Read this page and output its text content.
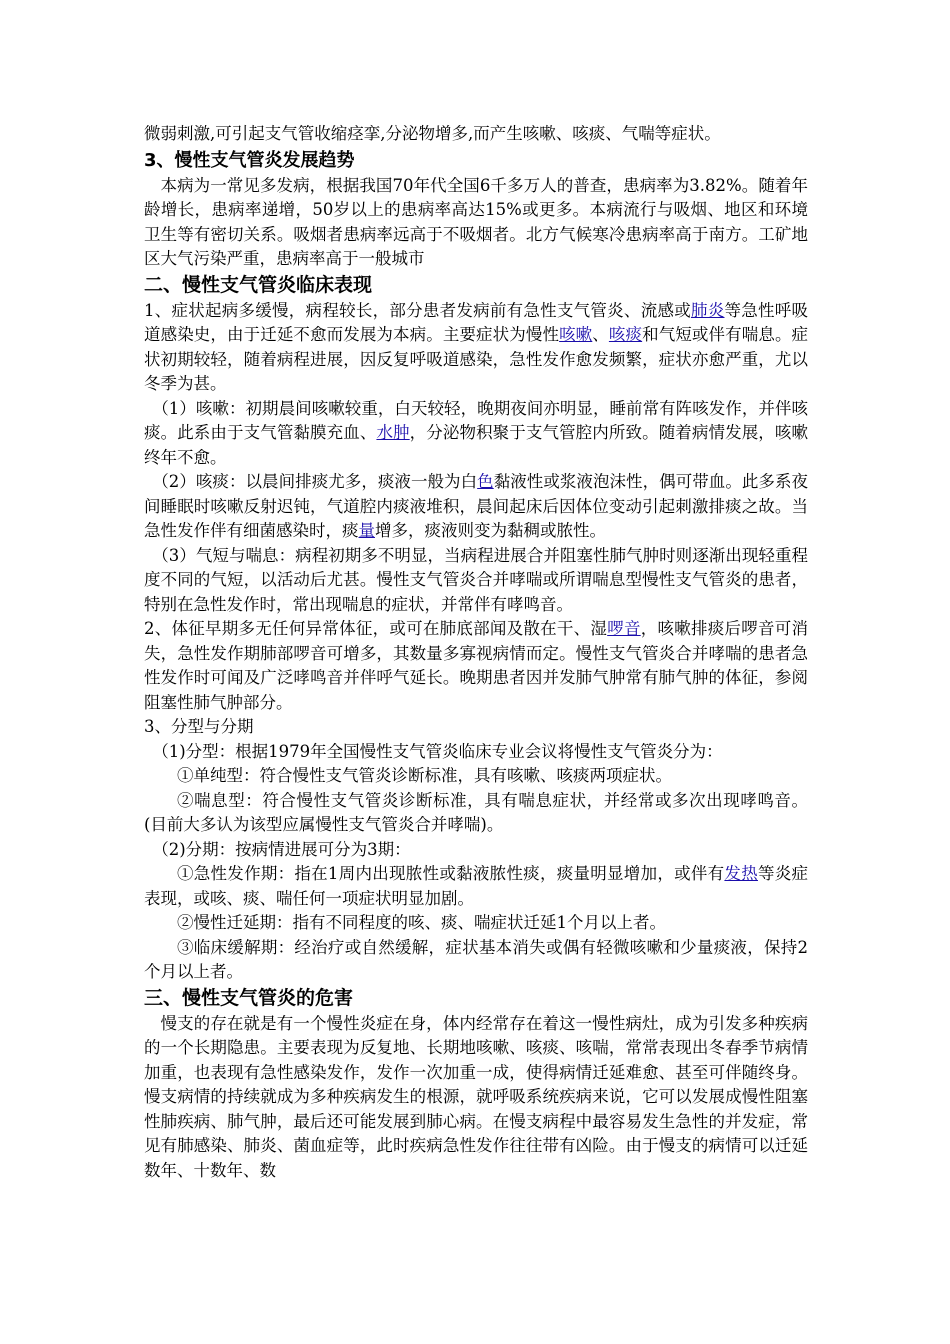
微弱刺激,可引起支气管收缩痉挛,分泌物增多,而产生咳嗽、咳痰、气喘等症状。

3、慢性支气管炎发展趋势

本病为一常见多发病，根据我国70年代全国6千多万人的普查，患病率为3.82%。随着年龄增长，患病率递增，50岁以上的患病率高达15%或更多。本病流行与吸烟、地区和环境卫生等有密切关系。吸烟者患病率远高于不吸烟者。北方气候寒冷患病率高于南方。工矿地区大气污染严重，患病率高于一般城市

二、慢性支气管炎临床表现

1、症状起病多缓慢，病程较长，部分患者发病前有急性支气管炎、流感或肺炎等急性呼吸道感染史，由于迁延不愈而发展为本病。主要症状为慢性咳嗽、咳痰和气短或伴有喘息。症状初期较轻，随着病程进展，因反复呼吸道感染，急性发作愈发频繁，症状亦愈严重，尤以冬季为甚。

（1）咳嗽：初期晨间咳嗽较重，白天较轻，晚期夜间亦明显，睡前常有阵咳发作，并伴咳痰。此系由于支气管黏膜充血、水肿，分泌物积聚于支气管腔内所致。随着病情发展，咳嗽终年不愈。

（2）咳痰：以晨间排痰尤多，痰液一般为白色黏液性或浆液泡沫性，偶可带血。此多系夜间睡眠时咳嗽反射迟钝，气道腔内痰液堆积，晨间起床后因体位变动引起刺激排痰之故。当急性发作伴有细菌感染时，痰量增多，痰液则变为黏稠或脓性。

（3）气短与喘息：病程初期多不明显，当病程进展合并阻塞性肺气肿时则逐渐出现轻重程度不同的气短，以活动后尤甚。慢性支气管炎合并哮喘或所谓喘息型慢性支气管炎的患者，特别在急性发作时，常出现喘息的症状，并常伴有哮鸣音。

2、体征早期多无任何异常体征，或可在肺底部闻及散在干、湿啰音，咳嗽排痰后啰音可消失，急性发作期肺部啰音可增多，其数量多寡视病情而定。慢性支气管炎合并哮喘的患者急性发作时可闻及广泛哮鸣音并伴呼气延长。晚期患者因并发肺气肿常有肺气肿的体征，参阅阻塞性肺气肿部分。

3、分型与分期

（1)分型：根据1979年全国慢性支气管炎临床专业会议将慢性支气管炎分为：

①单纯型：符合慢性支气管炎诊断标准，具有咳嗽、咳痰两项症状。

②喘息型：符合慢性支气管炎诊断标准，具有喘息症状，并经常或多次出现哮鸣音。(目前大多认为该型应属慢性支气管炎合并哮喘)。

（2)分期：按病情进展可分为3期：

①急性发作期：指在1周内出现脓性或黏液脓性痰，痰量明显增加，或伴有发热等炎症表现，或咳、痰、喘任何一项症状明显加剧。

②慢性迁延期：指有不同程度的咳、痰、喘症状迁延1个月以上者。

③临床缓解期：经治疗或自然缓解，症状基本消失或偶有轻微咳嗽和少量痰液，保持2个月以上者。

三、慢性支气管炎的危害

慢支的存在就是有一个慢性炎症在身，体内经常存在着这一慢性病灶，成为引发多种疾病的一个长期隐患。主要表现为反复地、长期地咳嗽、咳痰、咳喘，常常表现出冬春季节病情加重，也表现有急性感染发作，发作一次加重一成，使得病情迁延难愈、甚至可伴随终身。慢支病情的持续就成为多种疾病发生的根源，就呼吸系统疾病来说，它可以发展成慢性阻塞性肺疾病、肺气肿，最后还可能发展到肺心病。在慢支病程中最容易发生急性的并发症，常见有肺感染、肺炎、菌血症等，此时疾病急性发作往往带有凶险。由于慢支的病情可以迁延数年、十数年、数
